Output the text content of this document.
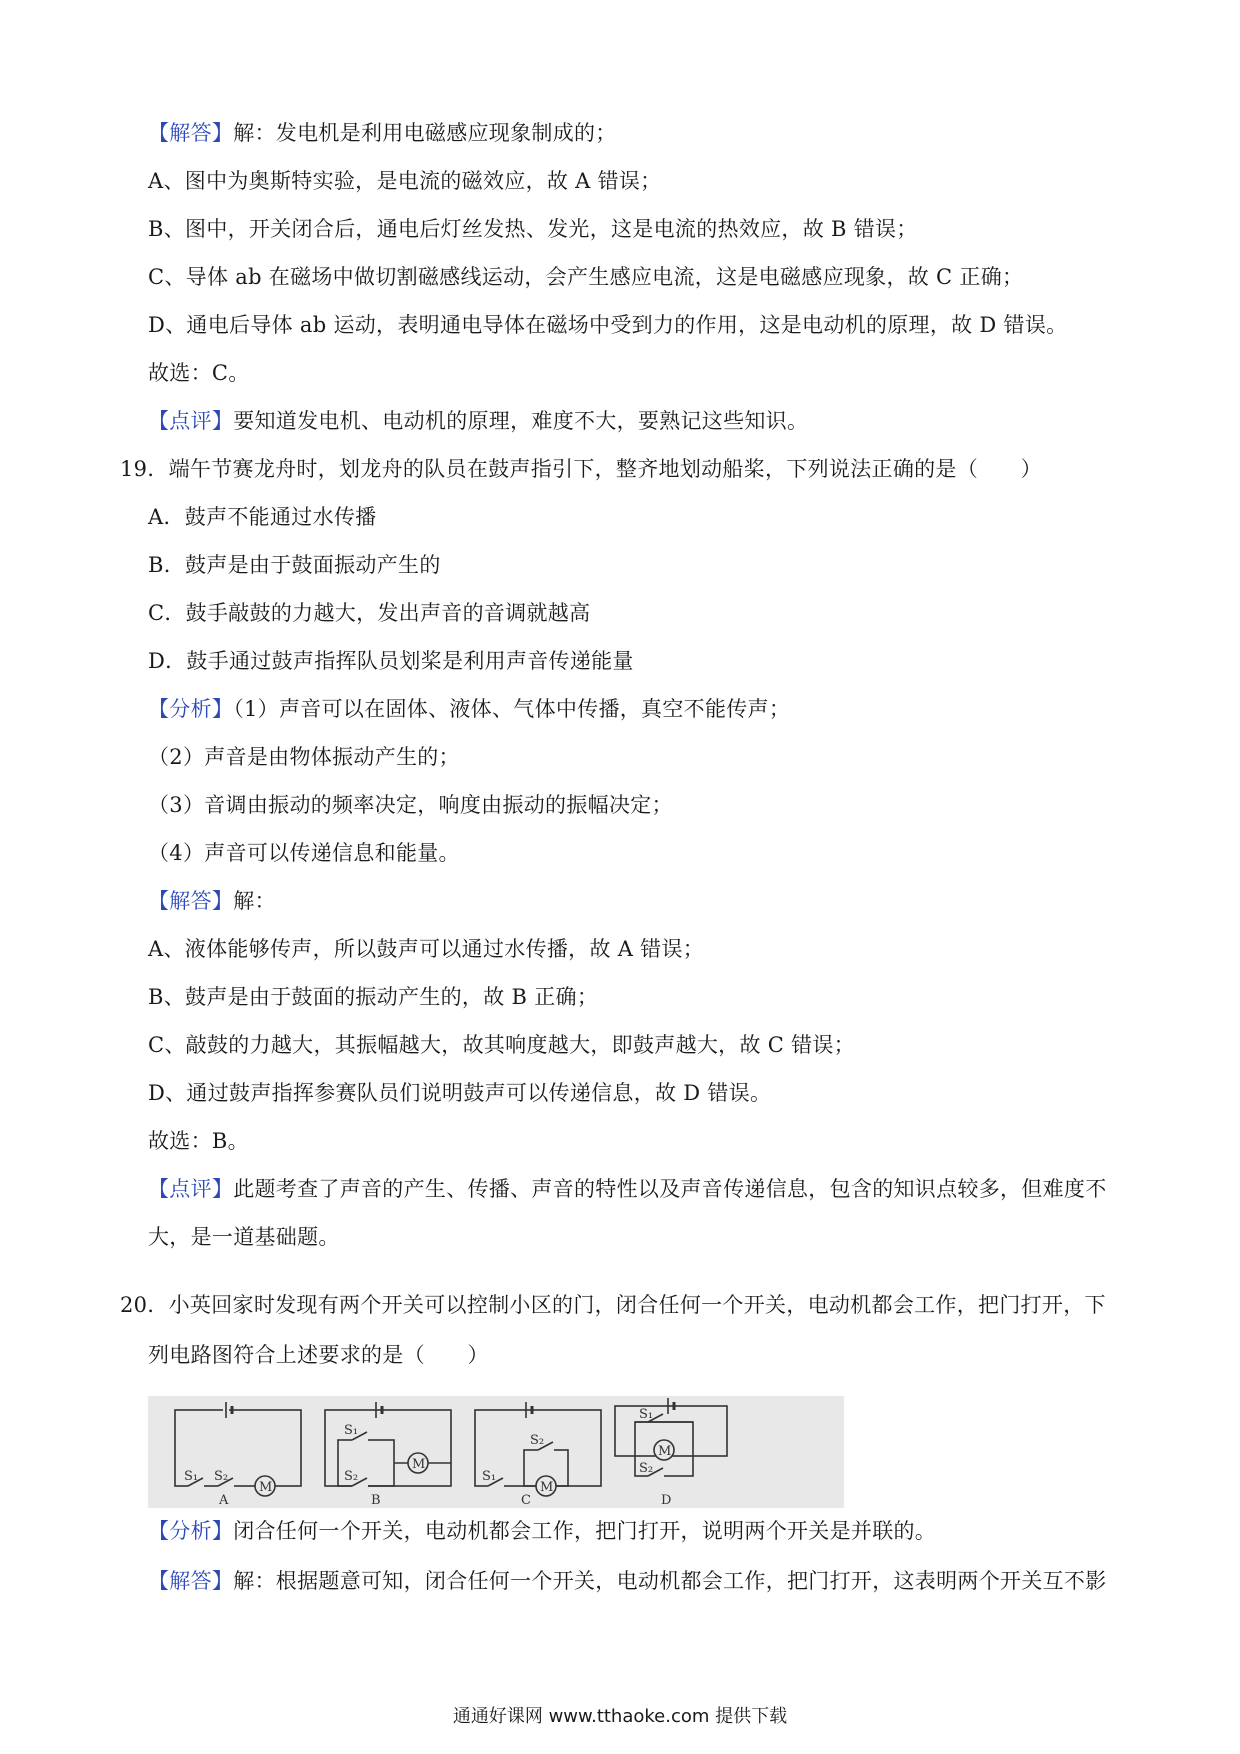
【解答】解：发电机是利用电磁感应现象制成的；
A、图中为奥斯特实验，是电流的磁效应，故 A 错误；
B、图中，开关闭合后，通电后灯丝发热、发光，这是电流的热效应，故 B 错误；
C、导体 ab 在磁场中做切割磁感线运动，会产生感应电流，这是电磁感应现象，故 C 正确；
D、通电后导体 ab 运动，表明通电导体在磁场中受到力的作用，这是电动机的原理，故 D 错误。
故选：C。
【点评】要知道发电机、电动机的原理，难度不大，要熟记这些知识。
19．端午节赛龙舟时，划龙舟的队员在鼓声指引下，整齐地划动船桨，下列说法正确的是（　　）
A．鼓声不能通过水传播
B．鼓声是由于鼓面振动产生的
C．鼓手敲鼓的力越大，发出声音的音调就越高
D．鼓手通过鼓声指挥队员划桨是利用声音传递能量
【分析】（1）声音可以在固体、液体、气体中传播，真空不能传声；
（2）声音是由物体振动产生的；
（3）音调由振动的频率决定，响度由振动的振幅决定；
（4）声音可以传递信息和能量。
【解答】解：
A、液体能够传声，所以鼓声可以通过水传播，故 A 错误；
B、鼓声是由于鼓面的振动产生的，故 B 正确；
C、敲鼓的力越大，其振幅越大，故其响度越大，即鼓声越大，故 C 错误；
D、通过鼓声指挥参赛队员们说明鼓声可以传递信息，故 D 错误。
故选：B。
【点评】此题考查了声音的产生、传播、声音的特性以及声音传递信息，包含的知识点较多，但难度不
大，是一道基础题。
20．小英回家时发现有两个开关可以控制小区的门，闭合任何一个开关，电动机都会工作，把门打开，下
列电路图符合上述要求的是（　　）
S₁ S₂
M
A
S₁
S₂
M
B
S₁
S₂
M
C
S₁
S₂
M
D
【分析】闭合任何一个开关，电动机都会工作，把门打开，说明两个开关是并联的。
【解答】解：根据题意可知，闭合任何一个开关，电动机都会工作，把门打开，这表明两个开关互不影
通通好课网 www.tthaoke.com 提供下载
